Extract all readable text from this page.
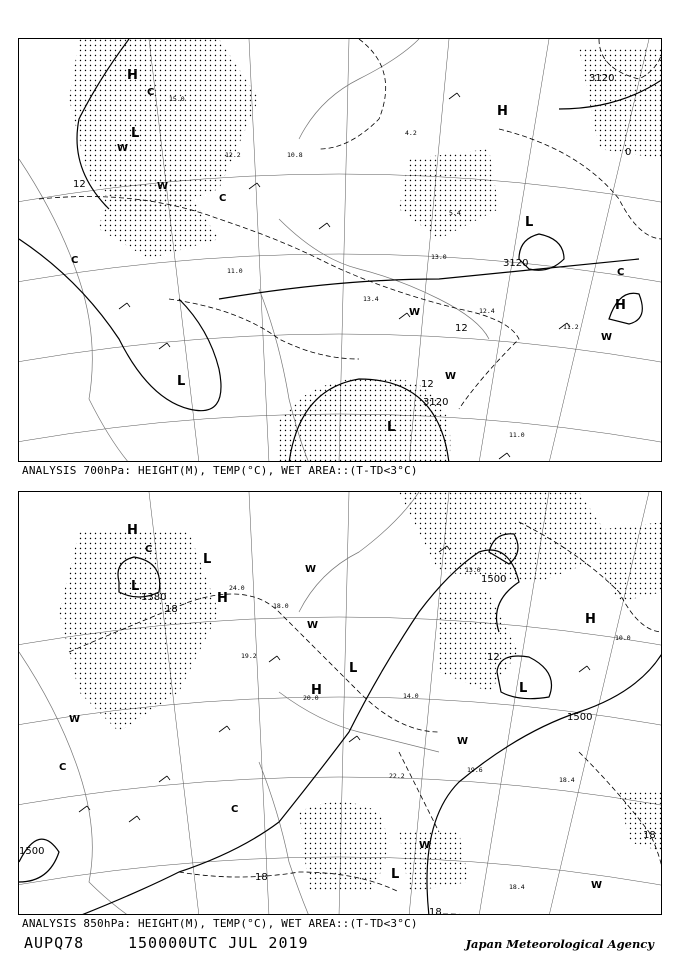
3120
3120
12
12
12
0
3120
H
L
L
H
L
L
H
C
W
C
W
C
W
W
C
W
15.0
12.2	10.8
4.2
5.4
13.0
11.0
13.4
12.4
11.2
11.0
ANALYSIS 700hPa: HEIGHT(M), TEMP(°C), WET AREA::(T-TD<3°C)
1380
18
1500
12
1500
1500
18
18
18
H
L
H
L
H
L
L
H
L
C
W
W
C
W
W
W
C
W
24.0
18.0
19.2
20.0	14.0
13.0
19.6
18.4
22.2
10.0
18.4
ANALYSIS 850hPa: HEIGHT(M), TEMP(°C), WET AREA::(T-TD<3°C)
AUPQ78	150000UTC JUL 2019	Japan Meteorological Agency
